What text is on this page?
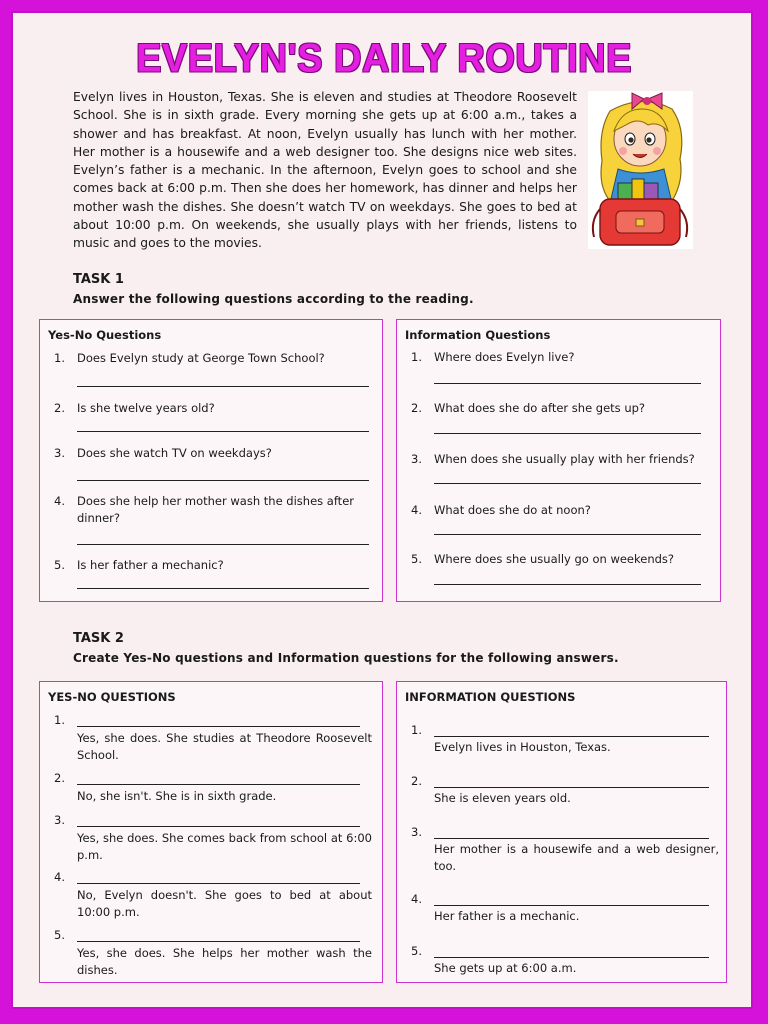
EVELYN'S DAILY ROUTINE
Evelyn lives in Houston, Texas. She is eleven and studies at Theodore Roosevelt School. She is in sixth grade. Every morning she gets up at 6:00 a.m., takes a shower and has breakfast. At noon, Evelyn usually has lunch with her mother. Her mother is a housewife and a web designer too. She designs nice web sites. Evelyn’s father is a mechanic. In the afternoon, Evelyn goes to school and she comes back at 6:00 p.m. Then she does her homework, has dinner and helps her mother wash the dishes. She doesn’t watch TV on weekdays. She goes to bed at about 10:00 p.m. On weekends, she usually plays with her friends, listens to music and goes to the movies.
TASK 1
Answer the following questions according to the reading.
Yes-No Questions
1. Does Evelyn study at George Town School?
2. Is she twelve years old?
3. Does she watch TV on weekdays?
4. Does she help her mother wash the dishes after dinner?
5. Is her father a mechanic?
Information Questions
1. Where does Evelyn live?
2. What does she do after she gets up?
3. When does she usually play with her friends?
4. What does she do at noon?
5. Where does she usually go on weekends?
TASK 2
Create Yes-No questions and Information questions for the following answers.
YES-NO QUESTIONS
1.
Yes, she does. She studies at Theodore Roosevelt School.
2.
No, she isn't. She is in sixth grade.
3.
Yes, she does. She comes back from school at 6:00 p.m.
4.
No, Evelyn doesn't. She goes to bed at about 10:00 p.m.
5.
Yes, she does. She helps her mother wash the dishes.
INFORMATION QUESTIONS
1.
Evelyn lives in Houston, Texas.
2.
She is eleven years old.
3.
Her mother is a housewife and a web designer, too.
4.
Her father is a mechanic.
5.
She gets up at 6:00 a.m.
